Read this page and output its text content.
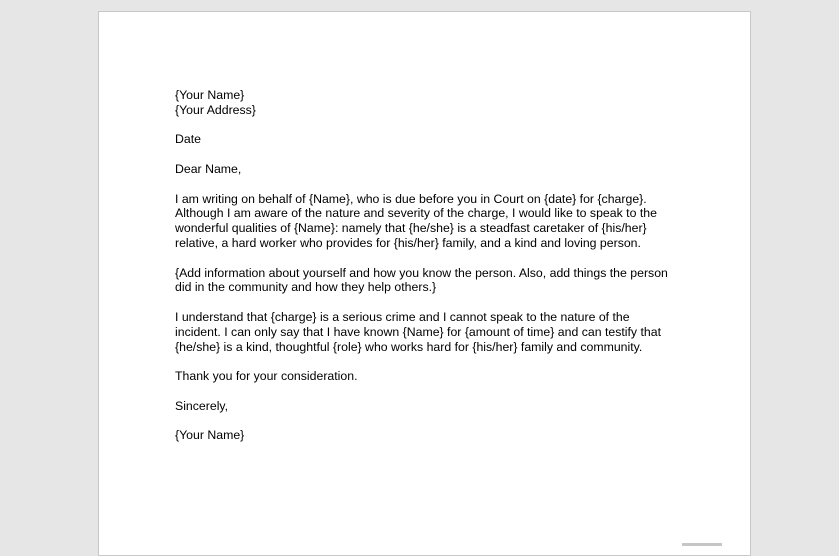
{Your Name}

{Your Address}

Date

Dear Name,

I am writing on behalf of {Name}, who is due before you in Court on {date} for {charge}. Although I am aware of the nature and severity of the charge, I would like to speak to the wonderful qualities of {Name}: namely that {he/she} is a steadfast caretaker of {his/her} relative, a hard worker who provides for {his/her} family, and a kind and loving person.

{Add information about yourself and how you know the person. Also, add things the person did in the community and how they help others.}

I understand that {charge} is a serious crime and I cannot speak to the nature of the incident. I can only say that I have known {Name} for {amount of time} and can testify that {he/she} is a kind, thoughtful {role} who works hard for {his/her} family and community.

Thank you for your consideration.

Sincerely,

{Your Name}
